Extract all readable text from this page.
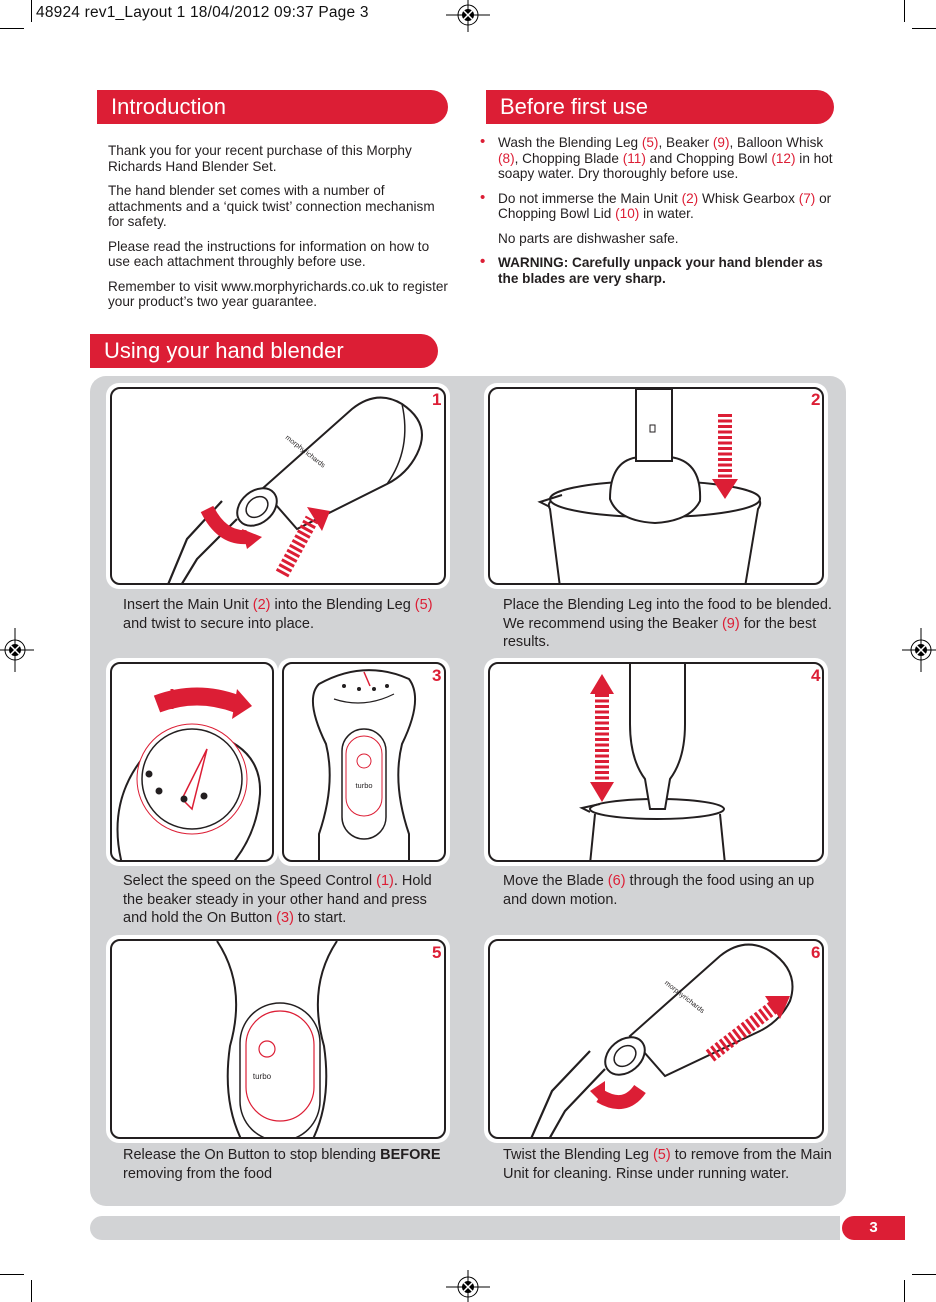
48924 rev1_Layout 1 18/04/2012 09:37 Page 3
Introduction

Thank you for your recent purchase of this Morphy Richards Hand Blender Set.

The hand blender set comes with a number of attachments and a ‘quick twist’ connection mechanism for safety.

Please read the instructions for information on how to use each attachment throughly before use.

Remember to visit www.morphyrichards.co.uk to register your product’s two year guarantee.

Before first use
• Wash the Blending Leg (5), Beaker (9), Balloon Whisk (8), Chopping Blade (11) and Chopping Bowl (12) in hot soapy water. Dry thoroughly before use.
• Do not immerse the Main Unit (2) Whisk Gearbox (7) or Chopping Bowl Lid (10) in water.
No parts are dishwasher safe.
• WARNING: Carefully unpack your hand blender as the blades are very sharp.
Using your hand blender
morphyrichards
1
Insert the Main Unit (2) into the Blending Leg (5) and twist to secure into place.
2
Place the Blending Leg into the food to be blended. We recommend using the Beaker (9) for the best results.
turbo
3
Select the speed on the Speed Control (1). Hold the beaker steady in your other hand and press and hold the On Button (3) to start.
4
Move the Blade (6) through the food using an up and down motion.
turbo
5
Release the On Button to stop blending BEFORE removing from the food
morphyrichards
6
Twist the Blending Leg (5) to remove from the Main Unit for cleaning. Rinse under running water.
3
